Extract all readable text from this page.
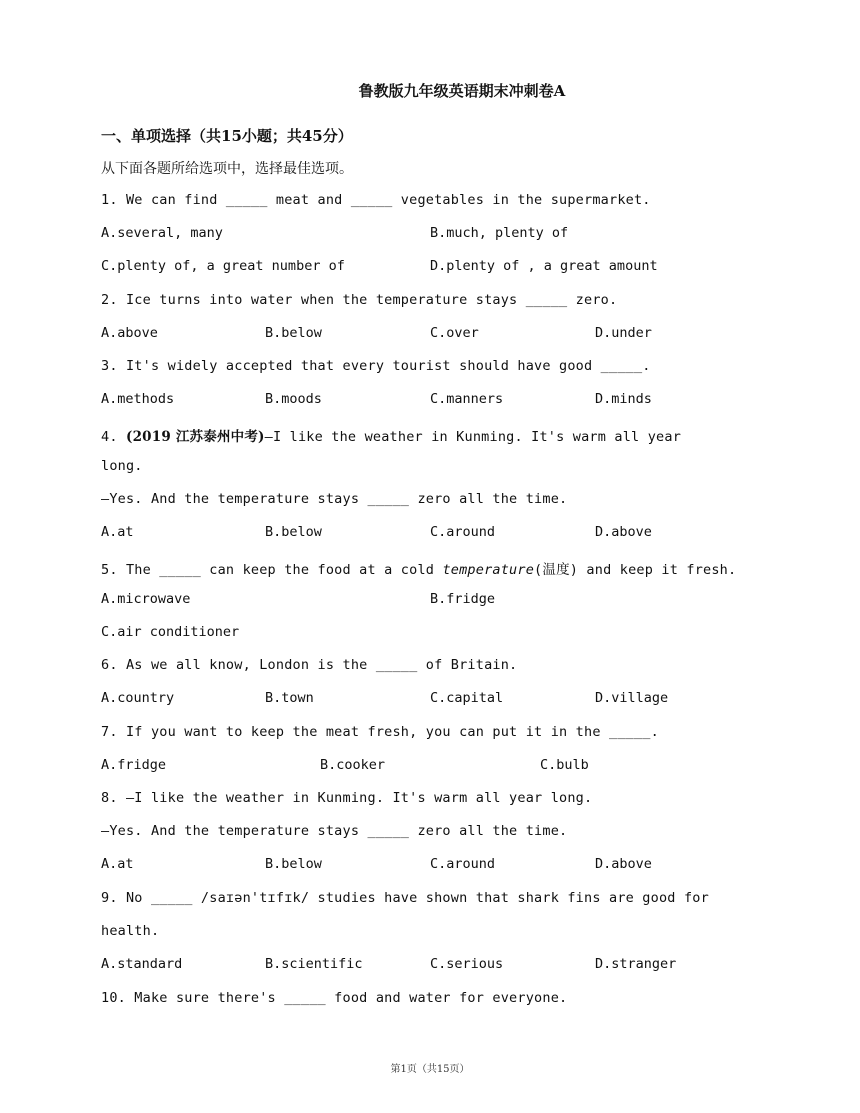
鲁教版九年级英语期末冲刺卷A
一、单项选择（共15小题；共45分）
从下面各题所给选项中，选择最佳选项。
1. We can find _____ meat and _____ vegetables in the supermarket.
A.several, many	B.much, plenty of
C.plenty of, a great number of	D.plenty of , a great amount
2. Ice turns into water when the temperature stays _____ zero.
A.above	B.below	C.over	D.under
3. It's widely accepted that every tourist should have good _____.
A.methods	B.moods	C.manners	D.minds
4. (2019 江苏泰州中考)—I like the weather in Kunming. It's warm all year
long.
—Yes. And the temperature stays _____ zero all the time.
A.at	B.below	C.around	D.above
5. The _____ can keep the food at a cold temperature(温度) and keep it fresh.
A.microwave	B.fridge
C.air conditioner
6. As we all know, London is the _____ of Britain.
A.country	B.town	C.capital	D.village
7. If you want to keep the meat fresh, you can put it in the _____.
A.fridge	B.cooker	C.bulb
8. —I like the weather in Kunming. It's warm all year long.
—Yes. And the temperature stays _____ zero all the time.
A.at	B.below	C.around	D.above
9. No _____ /saɪən'tɪfɪk/ studies have shown that shark fins are good for
health.
A.standard	B.scientific	C.serious	D.stranger
10. Make sure there's _____ food and water for everyone.
第1页（共15页）
